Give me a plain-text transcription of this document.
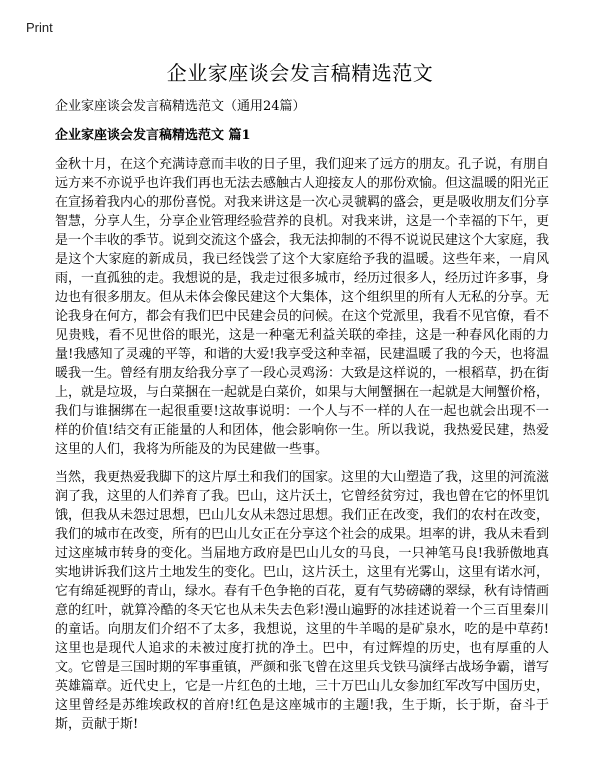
Print
企业家座谈会发言稿精选范文
企业家座谈会发言稿精选范文（通用24篇）
企业家座谈会发言稿精选范文 篇1
金秋十月，在这个充满诗意而丰收的日子里，我们迎来了远方的朋友。孔子说，有朋自远方来不亦说乎也许我们再也无法去感触古人迎接友人的那份欢愉。但这温暖的阳光正在宣扬着我内心的那份喜悦。对我来讲这是一次心灵虢羁的盛会，更是吸收朋友们分享智慧，分享人生，分享企业管理经验营养的良机。对我来讲，这是一个幸福的下午，更是一个丰收的季节。说到交流这个盛会，我无法抑制的不得不说说民建这个大家庭，我是这个大家庭的新成员，我已经饯尝了这个大家庭给予我的温暖。这些年来，一肩风雨，一直孤独的走。我想说的是，我走过很多城市，经历过很多人，经历过许多事，身边也有很多朋友。但从未体会像民建这个大集体，这个组织里的所有人无私的分享。无论我身在何方，都会有我们巴中民建会员的问候。在这个党派里，我看不见官僚，看不见贵贱，看不见世俗的眼光，这是一种毫无利益关联的牵挂，这是一种春风化雨的力量!我感知了灵魂的平等，和谐的大爱!我享受这种幸福，民建温暖了我的今天，也将温暖我一生。曾经有朋友给我分享了一段心灵鸡汤：大致是这样说的，一根稻草，扔在街上，就是垃圾，与白菜捆在一起就是白菜价，如果与大闸蟹捆在一起就是大闸蟹价格，我们与谁捆绑在一起很重要!这故事说明：一个人与不一样的人在一起也就会出现不一样的价值!结交有正能量的人和团体，他会影响你一生。所以我说，我热爱民建，热爱这里的人们，我将为所能及的为民建做一些事。
当然，我更热爱我脚下的这片厚土和我们的国家。这里的大山塑造了我，这里的河流滋润了我，这里的人们养育了我。巴山，这片沃土，它曾经贫穷过，我也曾在它的怀里饥饿，但我从未怨过思想，巴山儿女从未怨过思想。我们正在改变，我们的农村在改变，我们的城市在改变，所有的巴山儿女正在分享这个社会的成果。坦率的讲，我从未看到过这座城市转身的变化。当届地方政府是巴山儿女的马良，一只神笔马良!我骄傲地真实地讲诉我们这片土地发生的变化。巴山，这片沃土，这里有光雾山，这里有诺水河，它有绵延视野的青山，绿水。春有千色争艳的百花，夏有气势磅礴的翠绿，秋有诗情画意的红叶，就算冷酷的冬天它也从未失去色彩!漫山遍野的冰挂述说着一个三百里秦川的童话。向朋友们介绍不了太多，我想说，这里的牛羊喝的是矿泉水，吃的是中草药!这里也是现代人追求的未被过度打扰的净土。巴中，有过辉煌的历史，也有厚重的人文。它曾是三国时期的军事重镇，严颜和张飞曾在这里兵戈铁马演绎古战场争霸，谱写英雄篇章。近代史上，它是一片红色的土地，三十万巴山儿女参加红军改写中国历史，这里曾经是苏维埃政权的首府!红色是这座城市的主题!我，生于斯，长于斯，奋斗于斯，贡献于斯!
